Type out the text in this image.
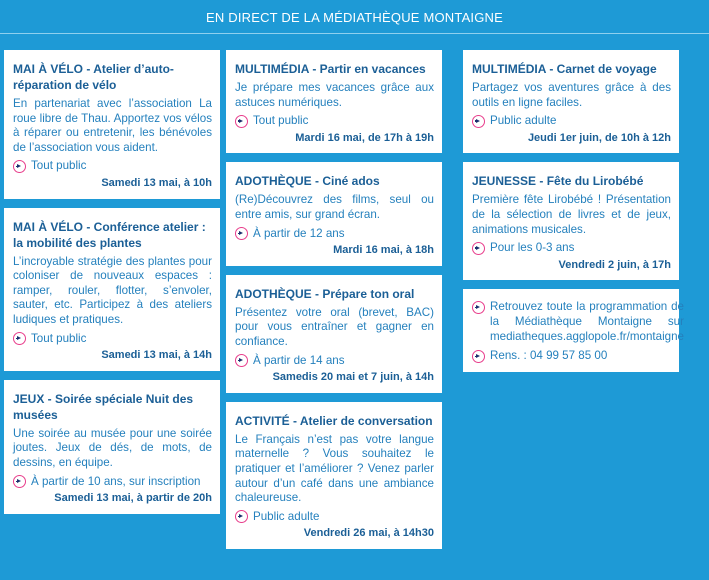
EN DIRECT DE LA MÉDIATHÈQUE MONTAIGNE
MAI À VÉLO - Atelier d’auto-réparation de vélo
En partenariat avec l’association La roue libre de Thau. Apportez vos vélos à réparer ou entretenir, les bénévoles de l’association vous aident.
Tout public
Samedi 13 mai, à 10h
MAI À VÉLO - Conférence atelier : la mobilité des plantes
L’incroyable stratégie des plantes pour coloniser de nouveaux espaces : ramper, rouler, flotter, s’envoler, sauter, etc. Participez à des ateliers ludiques et pratiques.
Tout public
Samedi 13 mai, à 14h
JEUX - Soirée spéciale Nuit des musées
Une soirée au musée pour une soirée joutes. Jeux de dés, de mots, de dessins, en équipe.
À partir de 10 ans, sur inscription
Samedi 13 mai, à partir de 20h
MULTIMÉDIA - Partir en vacances
Je prépare mes vacances grâce aux astuces numériques.
Tout public
Mardi 16 mai, de 17h à 19h
ADOTHÈQUE - Ciné ados
(Re)Découvrez des films, seul ou entre amis, sur grand écran.
À partir de 12 ans
Mardi 16 mai, à 18h
ADOTHÈQUE - Prépare ton oral
Présentez votre oral (brevet, BAC) pour vous entraîner et gagner en confiance.
À partir de 14 ans
Samedis 20 mai et 7 juin, à 14h
ACTIVITÉ - Atelier de conversation
Le Français n’est pas votre langue maternelle ? Vous souhaitez le pratiquer et l’améliorer ? Venez parler autour d’un café dans une ambiance chaleureuse.
Public adulte
Vendredi 26 mai, à 14h30
MULTIMÉDIA - Carnet de voyage
Partagez vos aventures grâce à des outils en ligne faciles.
Public adulte
Jeudi 1er juin, de 10h à 12h
JEUNESSE - Fête du Lirobébé
Première fête Lirobébé ! Présentation de la sélection de livres et de jeux, animations musicales.
Pour les 0-3 ans
Vendredi 2 juin, à 17h
Retrouvez toute la programmation de la Médiathèque Montaigne sur mediatheques.agglopole.fr/montaigne
Rens. : 04 99 57 85 00
